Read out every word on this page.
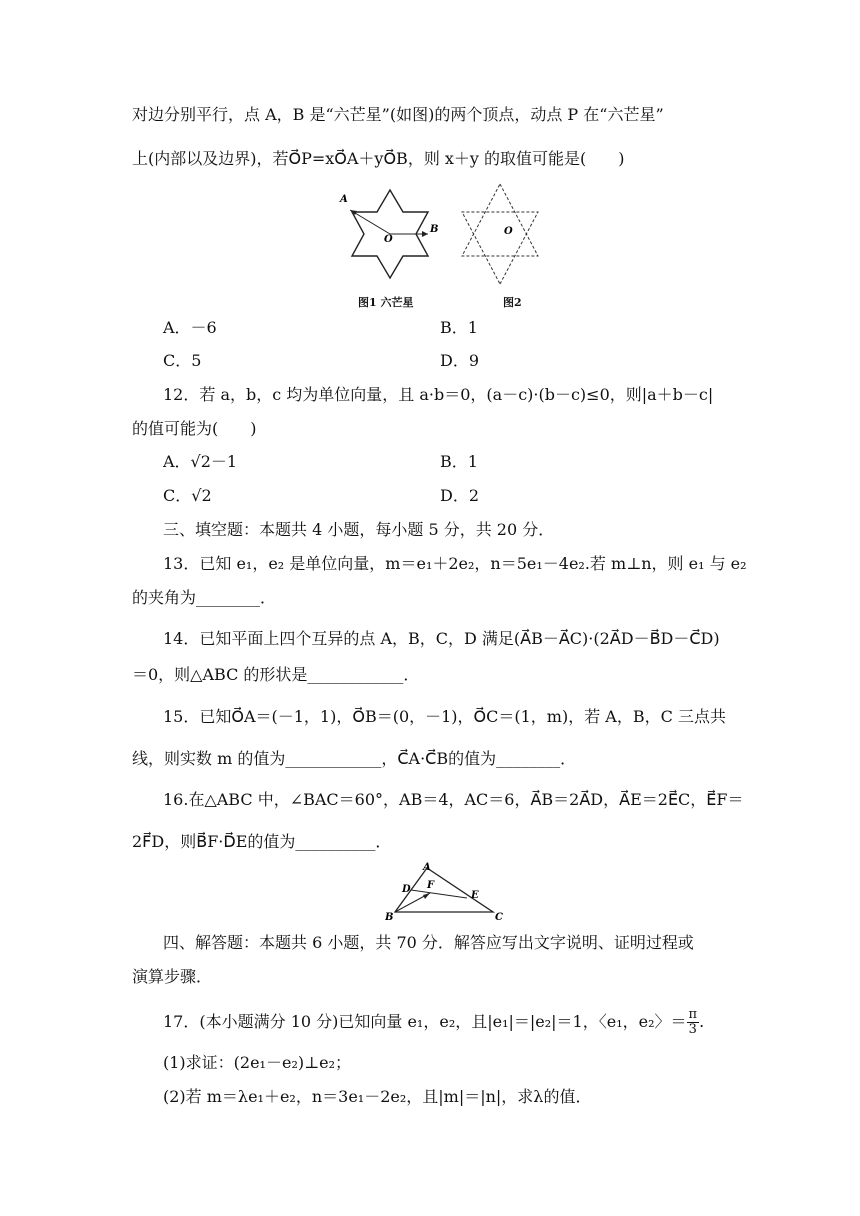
对边分别平行，点 A，B 是“六芒星”(如图)的两个顶点，动点 P 在“六芒星”
上(内部以及边界)，若O⃗P=xO⃗A＋yO⃗B，则 x＋y 的取值可能是(　　)
A
B
O
O
图1 六芒星	图2
A．－6	B．1
C．5	D．9
12．若 a，b，c 均为单位向量，且 a·b＝0，(a－c)·(b－c)≤0，则|a＋b－c|
的值可能为(　　)
A．√2－1	B．1
C．√2	D．2
三、填空题：本题共 4 小题，每小题 5 分，共 20 分．
13．已知 e₁，e₂ 是单位向量，m＝e₁＋2e₂，n＝5e₁－4e₂.若 m⊥n，则 e₁ 与 e₂
的夹角为________．
14．已知平面上四个互异的点 A，B，C，D 满足(A⃗B－A⃗C)·(2A⃗D－B⃗D－C⃗D)
＝0，则△ABC 的形状是____________．
15．已知O⃗A＝(－1，1)，O⃗B＝(0，－1)，O⃗C＝(1，m)，若 A，B，C 三点共
线，则实数 m 的值为____________，C⃗A·C⃗B的值为________．
16.在△ABC 中，∠BAC＝60°，AB＝4，AC＝6，A⃗B＝2A⃗D，A⃗E＝2E⃗C，E⃗F＝
2F⃗D，则B⃗F·D⃗E的值为__________．
A
B	C
D
E
F
四、解答题：本题共 6 小题，共 70 分．解答应写出文字说明、证明过程或
演算步骤．
17．(本小题满分 10 分)已知向量 e₁，e₂，且|e₁|＝|e₂|＝1，〈e₁，e₂〉＝ $\frac{\pi}{3}$ .
(1)求证：(2e₁－e₂)⊥e₂；
(2)若 m＝λe₁＋e₂，n＝3e₁－2e₂，且|m|＝|n|，求λ的值．
